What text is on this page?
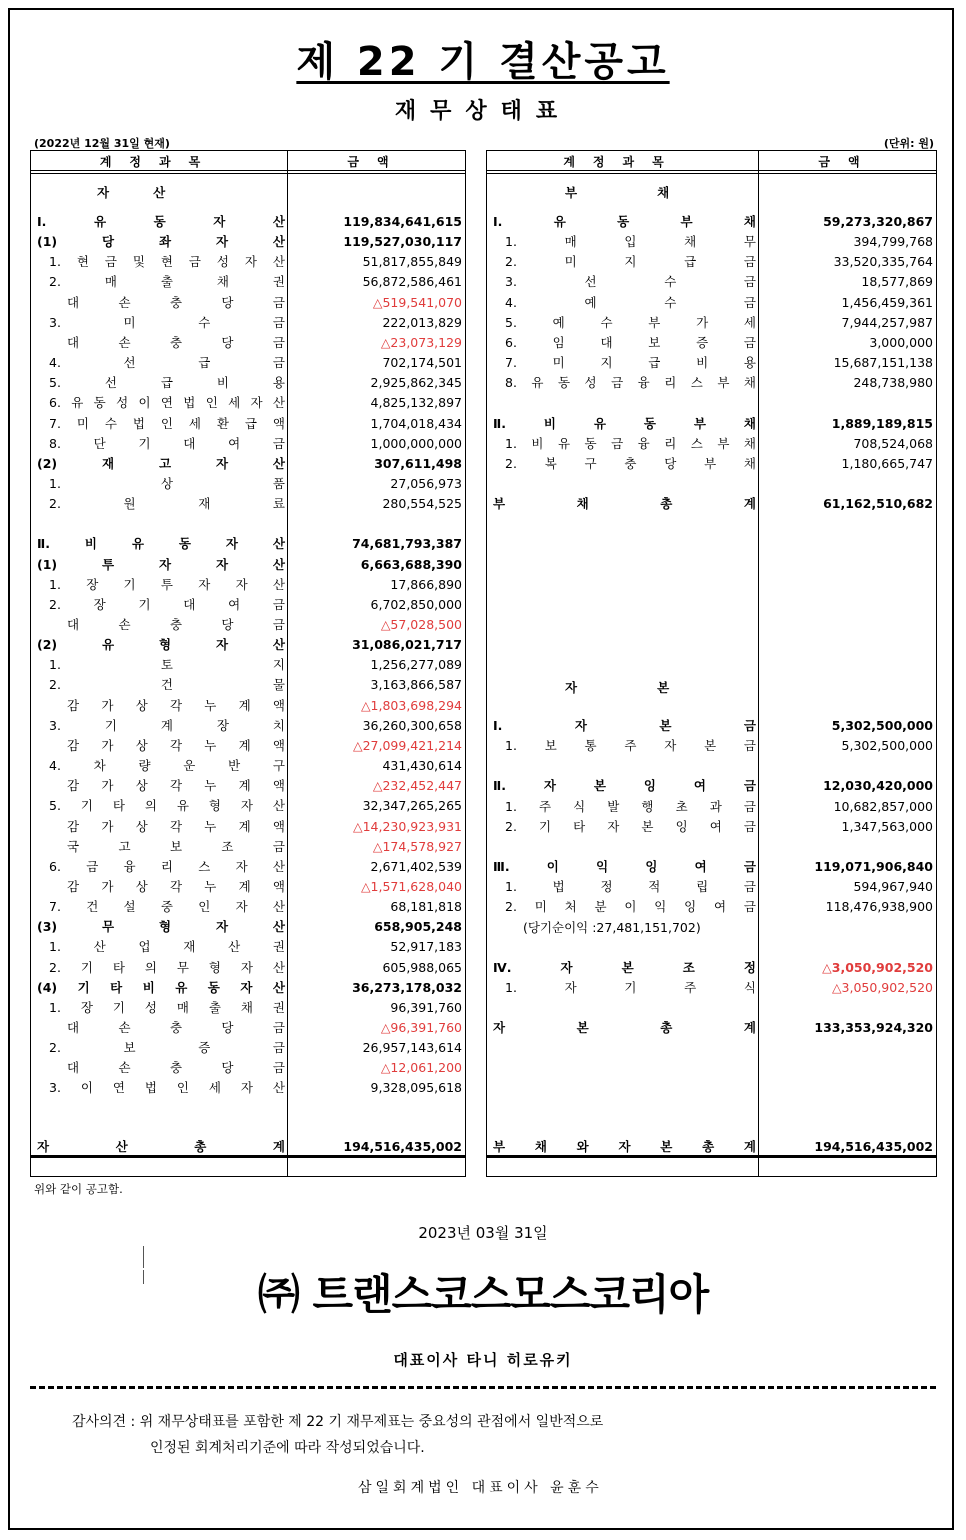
제 22 기 결산공고
재무상태표
(2022년 12월 31일 현재)	(단위: 원)
계정과목	금액
자산
Ⅰ.	유	동	자	산	119,834,641,615
(1)	당	좌	자	산	119,527,030,117
1. 현 금 및 현 금 성 자 산	51,817,855,849
2.	매	출	채	권	56,872,586,461
대	손	충	당	금	△519,541,070
3.	미	수	금	222,013,829
대	손	충	당	금	△23,073,129
4.	선	급	금	702,174,501
5.	선	급	비	용	2,925,862,345
6. 유 동 성 이 연 법 인 세 자 산	4,825,132,897
7. 미 수 법 인 세 환 급 액	1,704,018,434
8.	단	기	대	여	금	1,000,000,000
(2)	재	고	자	산	307,611,498
1.	상	품	27,056,973
2.	원	재	료	280,554,525
Ⅱ.	비	유	동	자	산	74,681,793,387
(1)	투	자	자	산	6,663,688,390
1. 장 기 투 자 자 산	17,866,890
2.	장	기	대	여	금	6,702,850,000
대	손	충	당	금	△57,028,500
(2)	유	형	자	산	31,086,021,717
1.	토	지	1,256,277,089
2.	건	물	3,163,866,587
감 가 상 각 누 계 액	△1,803,698,294
3.	기	계	장	치	36,260,300,658
감 가 상 각 누 계 액	△27,099,421,214
4.	차	량	운	반	구	431,430,614
감 가 상 각 누 계 액	△232,452,447
5. 기 타 의 유 형 자 산	32,347,265,265
감 가 상 각 누 계 액	△14,230,923,931
국	고	보	조	금	△174,578,927
6. 금 융 리 스 자 산	2,671,402,539
감 가 상 각 누 계 액	△1,571,628,040
7. 건 설 중 인 자 산	68,181,818
(3)	무	형	자	산	658,905,248
1.	산	업	재	산	권	52,917,183
2. 기 타 의 무 형 자 산	605,988,065
(4) 기 타 비 유 동 자 산	36,273,178,032
1. 장 기 성 매 출 채 권	96,391,760
대	손	충	당	금	△96,391,760
2.	보	증	금	26,957,143,614
대	손	충	당	금	△12,061,200
3. 이 연 법 인 세 자 산	9,328,095,618
자	산	총	계	194,516,435,002
계정과목	금액
부채
자본
Ⅰ.	유	동	부	채	59,273,320,867
1.	매	입	채	무	394,799,768
2.	미	지	급	금	33,520,335,764
3.	선	수	금	18,577,869
4.	예	수	금	1,456,459,361
5.	예	수	부	가	세	7,944,257,987
6.	임	대	보	증	금	3,000,000
7.	미	지	급	비	용	15,687,151,138
8. 유 동 성 금 융 리 스 부 채	248,738,980
Ⅱ.	비	유	동	부	채	1,889,189,815
1. 비 유 동 금 융 리 스 부 채	708,524,068
2. 복 구 충 당 부 채	1,180,665,747
부	채	총	계	61,162,510,682
Ⅰ.	자	본	금	5,302,500,000
1. 보 통 주 자 본 금	5,302,500,000
Ⅱ.	자	본	잉	여	금	12,030,420,000
1. 주 식 발 행 초 과 금	10,682,857,000
2. 기 타 자 본 잉 여 금	1,347,563,000
Ⅲ.	이	익	잉	여	금	119,071,906,840
1.	법	정	적	립	금	594,967,940
2. 미 처 분 이 익 잉 여 금	118,476,938,900
(당기순이익 :27,481,151,702)
Ⅳ.	자	본	조	정	△3,050,902,520
1.	자	기	주	식	△3,050,902,520
자	본	총	계	133,353,924,320
부 채 와 자 본 총 계	194,516,435,002
위와 같이 공고함.
2023년 03월 31일
㈜ 트랜스코스모스코리아
대표이사 타니 히로유키
감사의견 : 위 재무상태표를 포함한 제 22 기 재무제표는 중요성의 관점에서 일반적으로
인정된 회계처리기준에 따라 작성되었습니다.
삼일회계법인 대표이사 윤훈수
